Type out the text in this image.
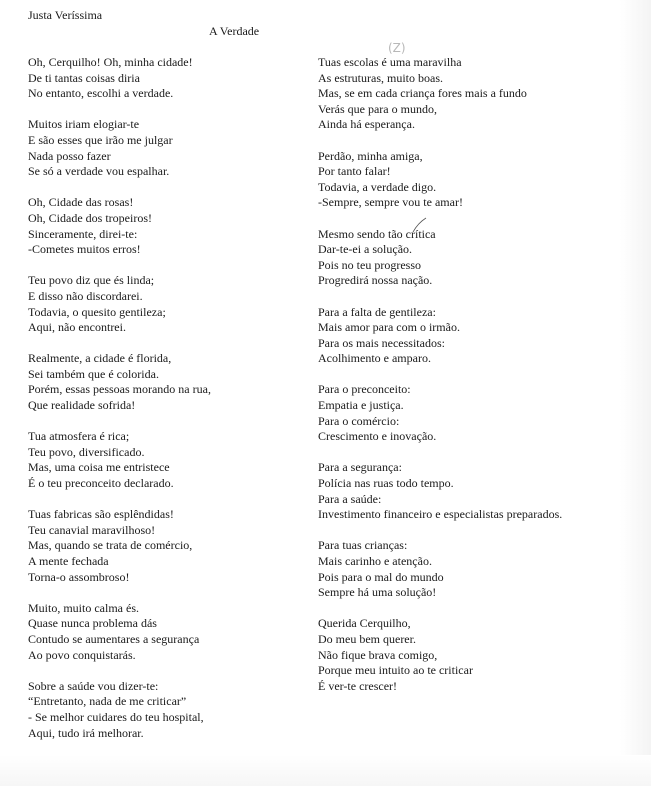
Justa Veríssima

A Verdade
(Z)
Oh, Cerquilho! Oh, minha cidade!
De ti tantas coisas diria
No entanto, escolhi a verdade.
Muitos iriam elogiar-te
E são esses que irão me julgar
Nada posso fazer
Se só a verdade vou espalhar.
Oh, Cidade das rosas!
Oh, Cidade dos tropeiros!
Sinceramente, direi-te:
-Cometes muitos erros!
Teu povo diz que és linda;
E disso não discordarei.
Todavia, o quesito gentileza;
Aqui, não encontrei.
Realmente, a cidade é florida,
Sei também que é colorida.
Porém, essas pessoas morando na rua,
Que realidade sofrida!
Tua atmosfera é rica;
Teu povo, diversificado.
Mas, uma coisa me entristece
É o teu preconceito declarado.
Tuas fabricas são esplêndidas!
Teu canavial maravilhoso!
Mas, quando se trata de comércio,
A mente fechada
Torna-o assombroso!
Muito, muito calma és.
Quase nunca problema dás
Contudo se aumentares a segurança
Ao povo conquistarás.
Sobre a saúde vou dizer-te:
“Entretanto, nada de me criticar”
- Se melhor cuidares do teu hospital,
Aqui, tudo irá melhorar.
Tuas escolas é uma maravilha
As estruturas, muito boas.
Mas, se em cada criança fores mais a fundo
Verás que para o mundo,
Ainda há esperança.
Perdão, minha amiga,
Por tanto falar!
Todavia, a verdade digo.
-Sempre, sempre vou te amar!
Mesmo sendo tão crítica
Dar-te-ei a solução.
Pois no teu progresso
Progredirá nossa nação.
Para a falta de gentileza:
Mais amor para com o irmão.
Para os mais necessitados:
Acolhimento e amparo.
Para o preconceito:
Empatia e justiça.
Para o comércio:
Crescimento e inovação.
Para a segurança:
Polícia nas ruas todo tempo.
Para a saúde:
Investimento financeiro e especialistas preparados.
Para tuas crianças:
Mais carinho e atenção.
Pois para o mal do mundo
Sempre há uma solução!
Querida Cerquilho,
Do meu bem querer.
Não fique brava comigo,
Porque meu intuito ao te criticar
É ver-te crescer!
